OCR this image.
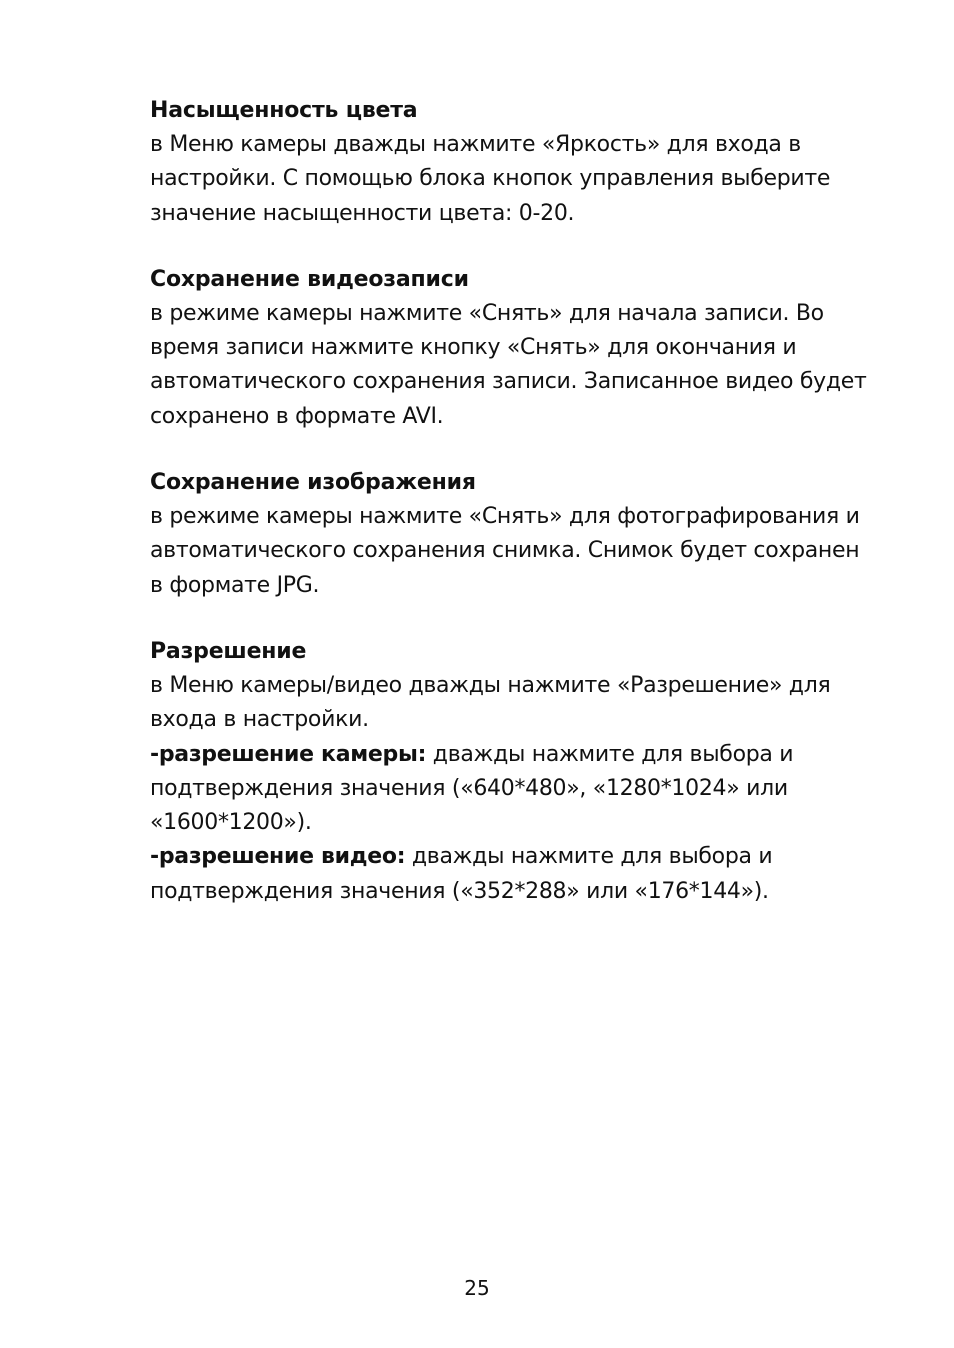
Насыщенность цвета

в Меню камеры дважды нажмите «Яркость» для входа в настройки. С помощью блока кнопок управления выберите значение насыщенности цвета: 0-20.

Сохранение видеозаписи

в режиме камеры нажмите «Снять» для начала записи. Во время записи нажмите кнопку «Снять» для окончания и автоматического сохранения записи. Записанное видео будет сохранено в формате AVI.

Сохранение изображения

в режиме камеры нажмите «Снять» для фотографирования и автоматического сохранения снимка. Снимок будет сохранен в формате JPG.

Разрешение

в Меню камеры/видео дважды нажмите «Разрешение» для входа в настройки.

-разрешение камеры: дважды нажмите для выбора и подтверждения значения («640*480», «1280*1024» или «1600*1200»).

-разрешение видео: дважды нажмите для выбора и подтверждения значения («352*288» или «176*144»).

25
